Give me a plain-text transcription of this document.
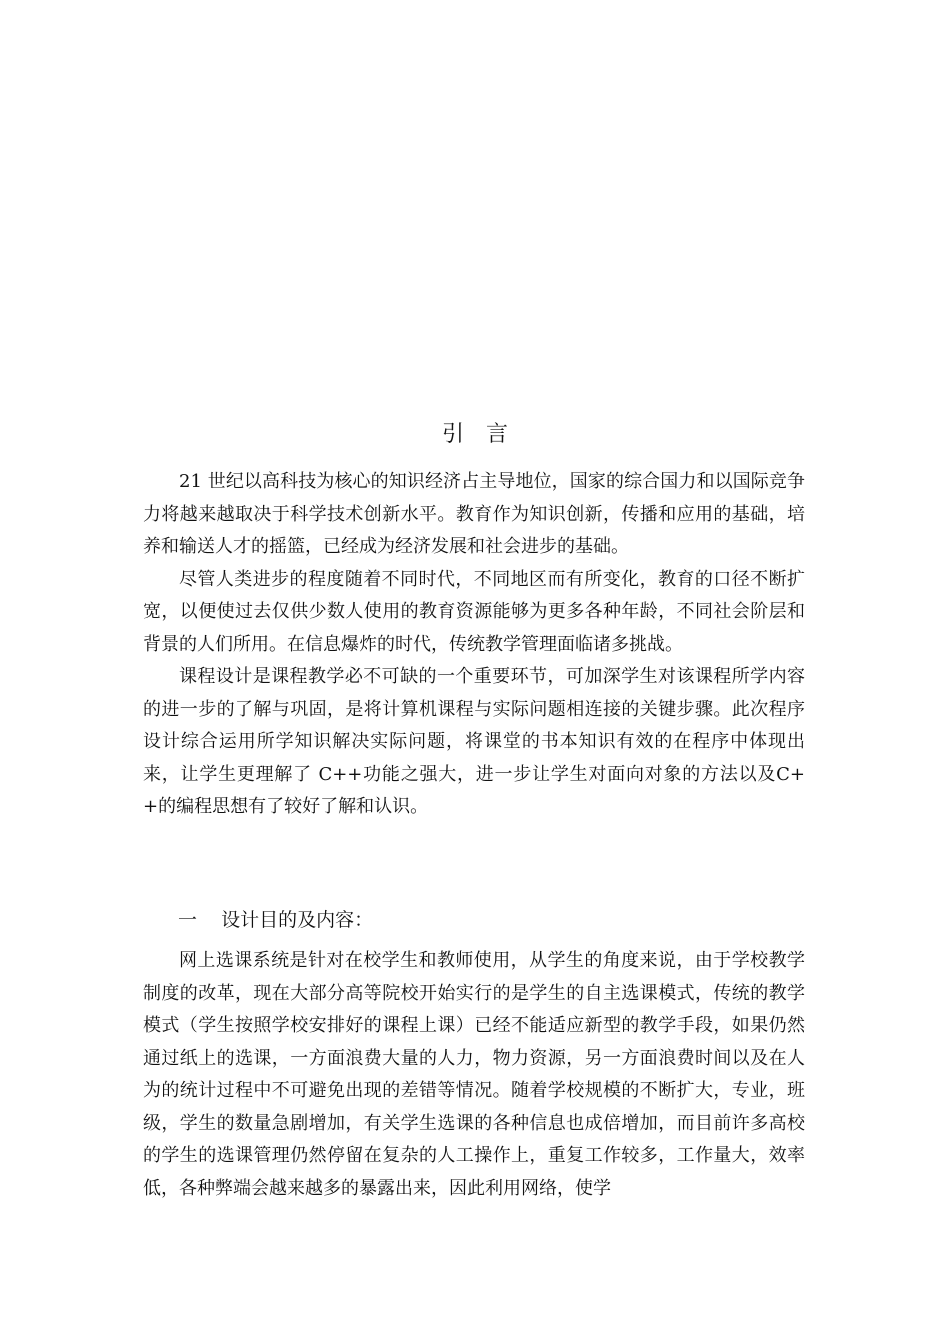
引言

21 世纪以高科技为核心的知识经济占主导地位，国家的综合国力和以国际竞争力将越来越取决于科学技术创新水平。教育作为知识创新，传播和应用的基础，培养和输送人才的摇篮，已经成为经济发展和社会进步的基础。

尽管人类进步的程度随着不同时代，不同地区而有所变化，教育的口径不断扩宽，以便使过去仅供少数人使用的教育资源能够为更多各种年龄，不同社会阶层和背景的人们所用。在信息爆炸的时代，传统教学管理面临诸多挑战。

课程设计是课程教学必不可缺的一个重要环节，可加深学生对该课程所学内容的进一步的了解与巩固，是将计算机课程与实际问题相连接的关键步骤。此次程序设计综合运用所学知识解决实际问题，将课堂的书本知识有效的在程序中体现出来，让学生更理解了 C++功能之强大，进一步让学生对面向对象的方法以及C++的编程思想有了较好了解和认识。

一    设计目的及内容：

网上选课系统是针对在校学生和教师使用，从学生的角度来说，由于学校教学制度的改革，现在大部分高等院校开始实行的是学生的自主选课模式，传统的教学模式（学生按照学校安排好的课程上课）已经不能适应新型的教学手段，如果仍然通过纸上的选课，一方面浪费大量的人力，物力资源，另一方面浪费时间以及在人为的统计过程中不可避免出现的差错等情况。随着学校规模的不断扩大，专业，班级，学生的数量急剧增加，有关学生选课的各种信息也成倍增加，而目前许多高校的学生的选课管理仍然停留在复杂的人工操作上，重复工作较多，工作量大，效率低，各种弊端会越来越多的暴露出来，因此利用网络，使学
